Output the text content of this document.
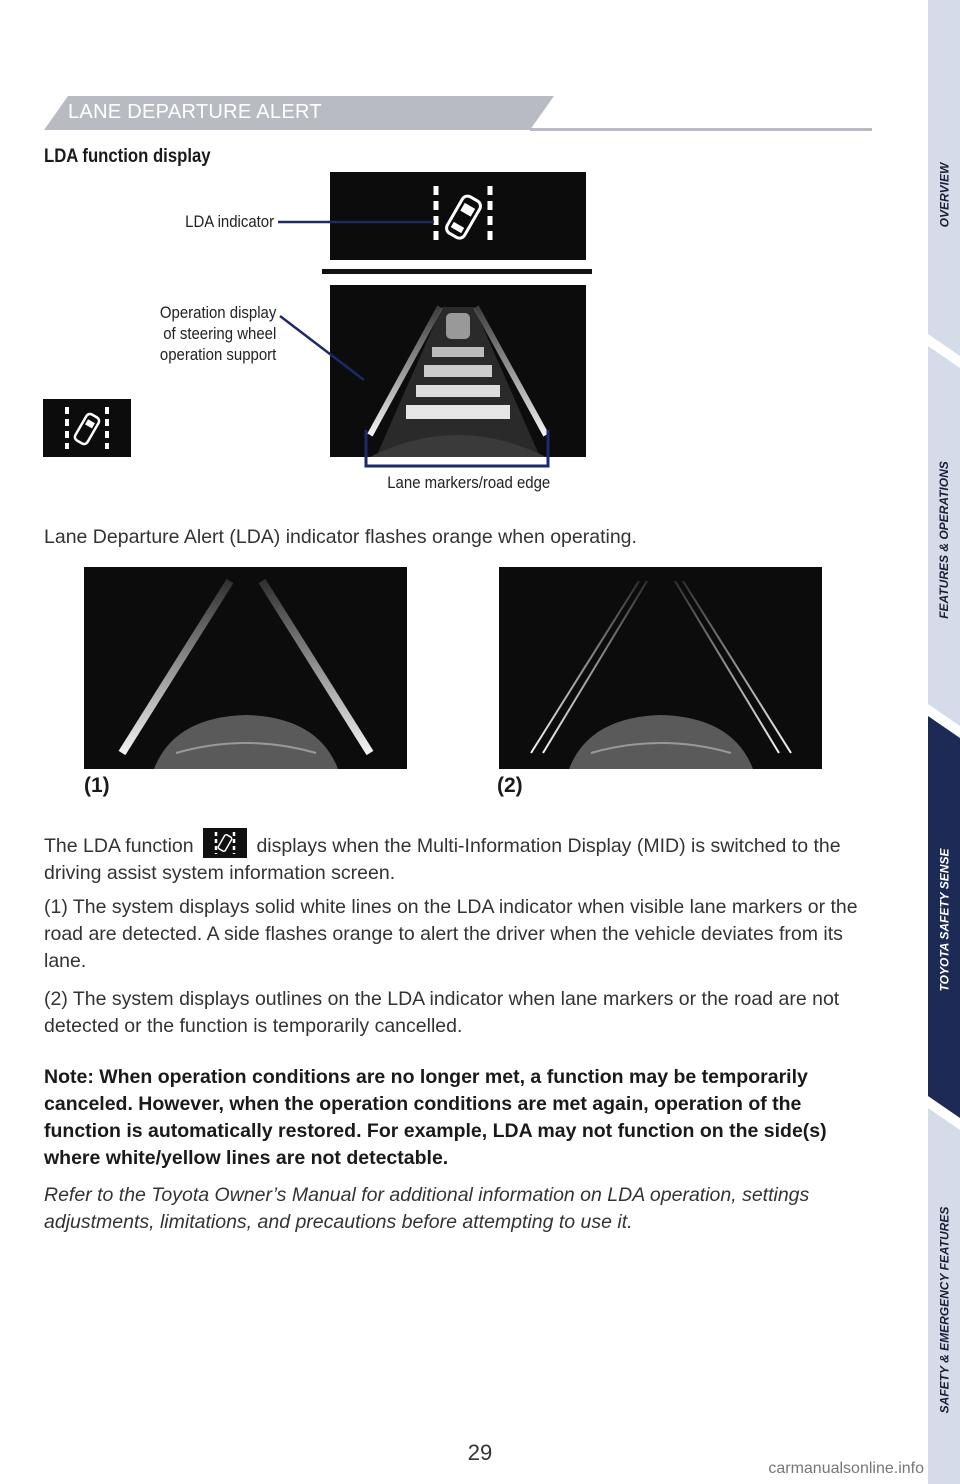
LANE DEPARTURE ALERT
LDA function display
LDA indicator
Operation display
of steering wheel
operation support
Lane markers/road edge
Lane Departure Alert (LDA) indicator flashes orange when operating.
(1)	(2)
The LDA function	displays when the Multi-Information Display (MID) is switched to the driving assist system information screen.
(1) The system displays solid white lines on the LDA indicator when visible lane markers or the road are detected. A side flashes orange to alert the driver when the vehicle deviates from its lane.
(2) The system displays outlines on the LDA indicator when lane markers or the road are not detected or the function is temporarily cancelled.
Note: When operation conditions are no longer met, a function may be temporarily canceled. However, when the operation conditions are met again, operation of the function is automatically restored. For example, LDA may not function on the side(s) where white/yellow lines are not detectable.
Refer to the Toyota Owner’s Manual for additional information on LDA operation, settings adjustments, limitations, and precautions before attempting to use it.
29
carmanualsonline.info
OVERVIEW
FEATURES & OPERATIONS
TOYOTA SAFETY SENSE
SAFETY & EMERGENCY FEATURES
